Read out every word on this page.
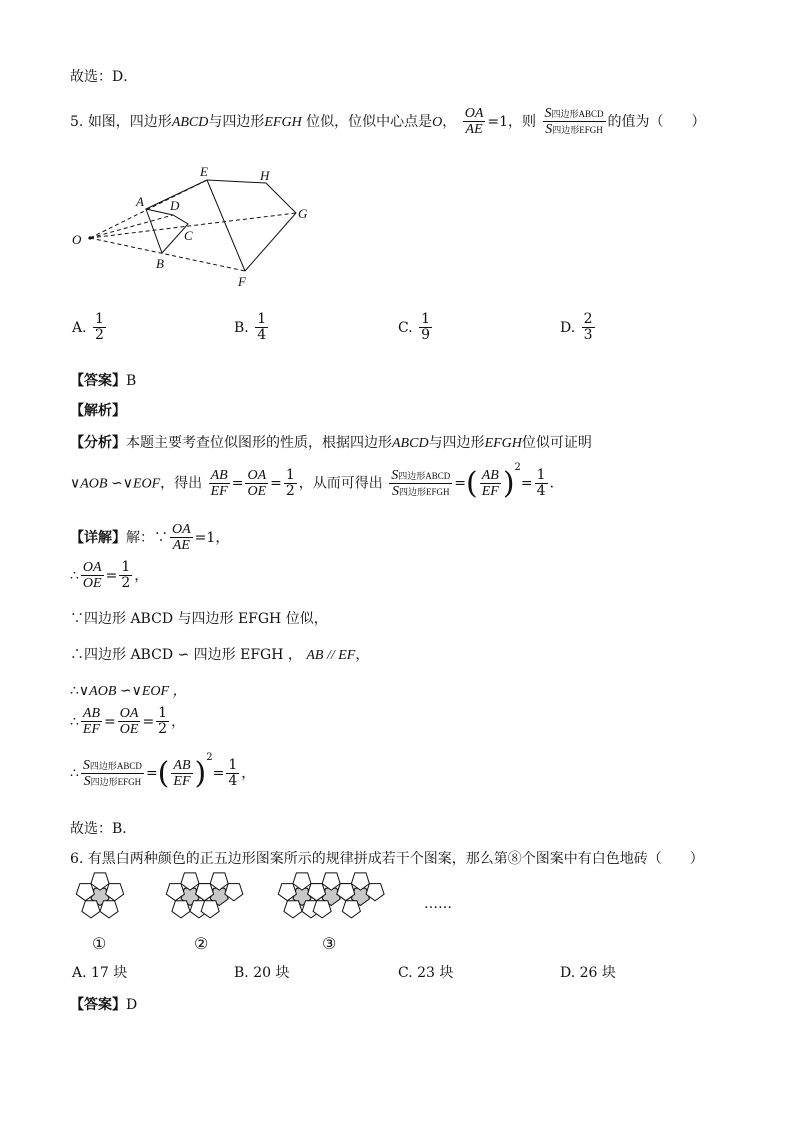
故选：D．
5. 如图，四边形ABCD与四边形EFGH 位似，位似中心点是O， $\frac{OA}{AE} =1$，则 $\frac{\text{S四边形ABCD}}{\text{S四边形EFGH}}$ 的值为（　　）
O
A D
C
B
E	H
G
F
A. $\frac{1}{2}$	B. $\frac{1}{4}$	C. $\frac{1}{9}$	D. $\frac{2}{3}$
【答案】B
【解析】
【分析】本题主要考查位似图形的性质，根据四边形ABCD与四边形EFGH位似可证明
∨AOB ∽∨EOF，得出 $\frac{AB}{EF} = \frac{OA}{OE} = \frac{1}{2}$ ，从而可得出 $\frac{\text{S四边形ABCD}}{\text{S四边形EFGH}}$ =( $\frac{AB}{EF} )^2= \frac{1}{4}$ ．
【详解】解：∵ $\frac{OA}{AE} =1$，
∴ $\frac{OA}{OE} = \frac{1}{2}$ ，
∵四边形 ABCD 与四边形 EFGH 位似，
∴四边形 ABCD ∽ 四边形 EFGH ， AB // EF，
∴∨AOB ∽∨EOF ，
∴ $\frac{AB}{EF} = \frac{OA}{OE} = \frac{1}{2}$ ，
∴ $\frac{\text{S四边形ABCD}}{\text{S四边形EFGH}}$ =( $\frac{AB}{EF} )^2= \frac{1}{4}$ ，
故选：B．
6. 有黑白两种颜色的正五边形图案所示的规律拼成若干个图案，那么第⑧个图案中有白色地砖（　　）
……
①	②	③
A. 17 块	B. 20 块	C. 23 块	D. 26 块
【答案】D
